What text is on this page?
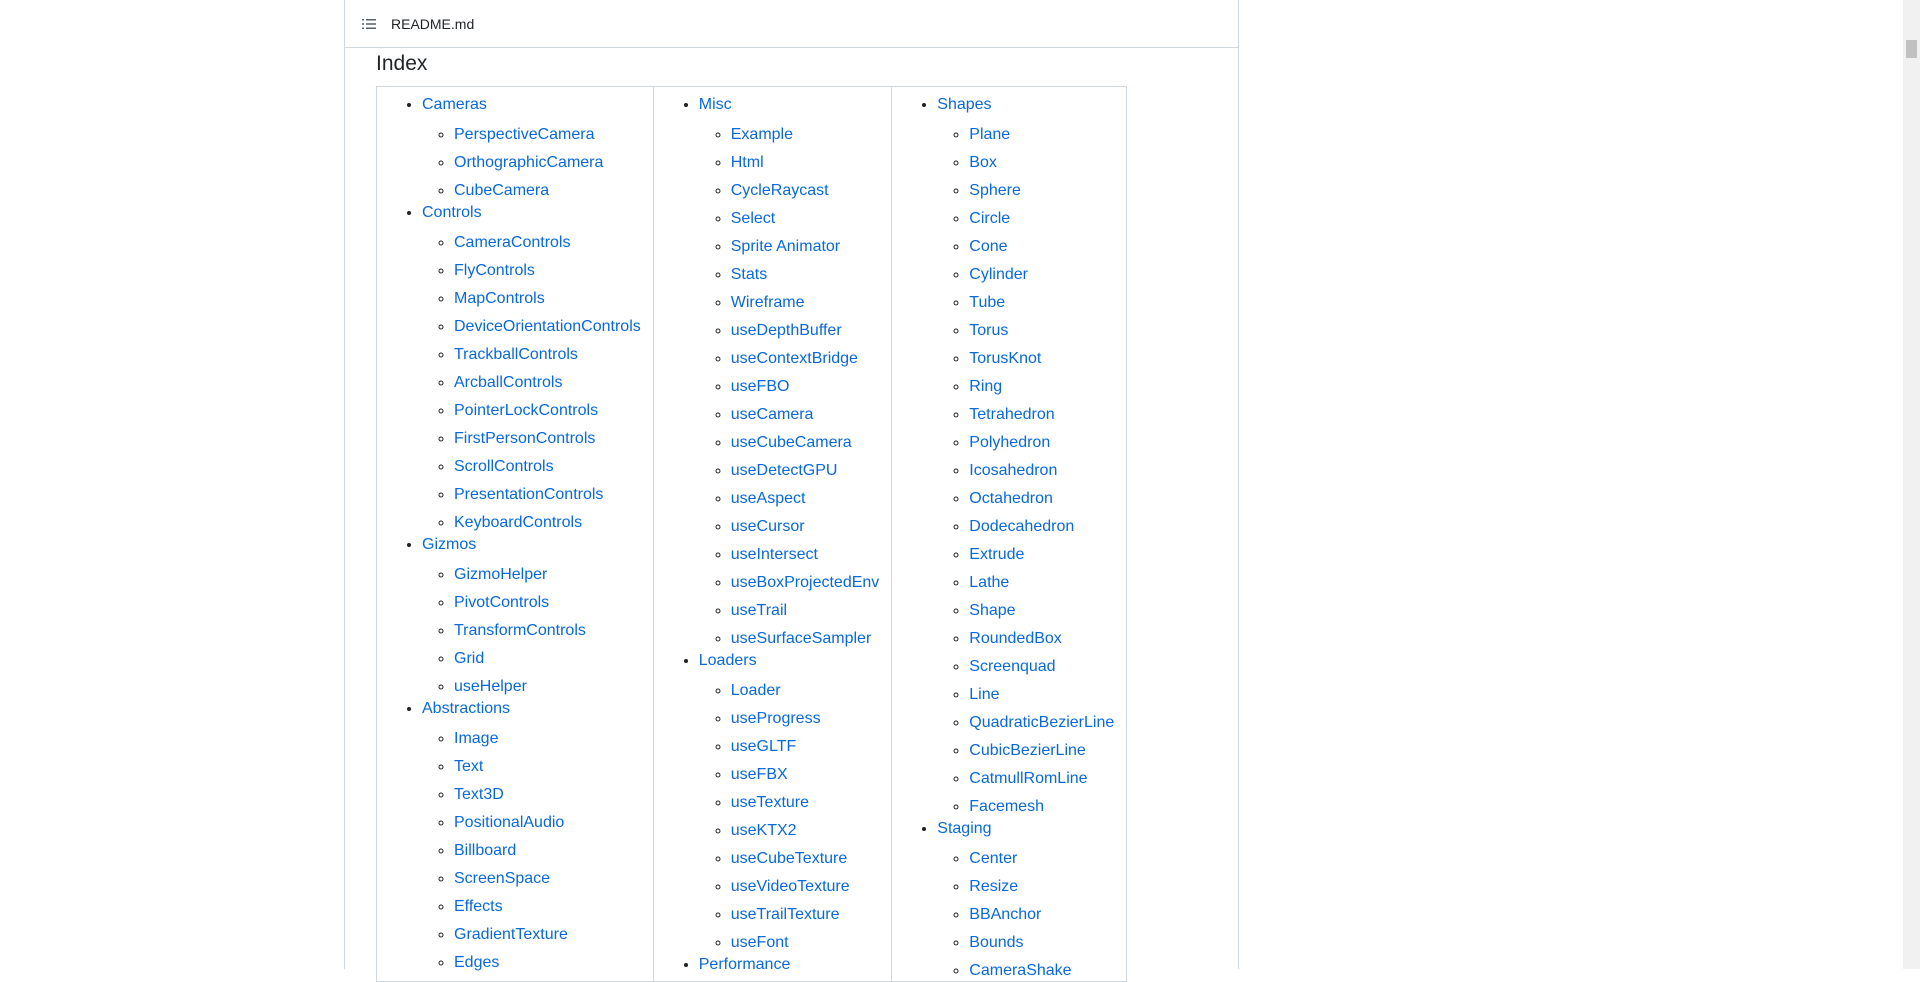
README.md
Index
• Cameras
◦ PerspectiveCamera
◦ OrthographicCamera
◦ CubeCamera
• Controls
◦ CameraControls
◦ FlyControls
◦ MapControls
◦ DeviceOrientationControls
◦ TrackballControls
◦ ArcballControls
◦ PointerLockControls
◦ FirstPersonControls
◦ ScrollControls
◦ PresentationControls
◦ KeyboardControls
• Gizmos
◦ GizmoHelper
◦ PivotControls
◦ TransformControls
◦ Grid
◦ useHelper
• Abstractions
◦ Image
◦ Text
◦ Text3D
◦ PositionalAudio
◦ Billboard
◦ ScreenSpace
◦ Effects
◦ GradientTexture
◦ Edges

• Misc
◦ Example
◦ Html
◦ CycleRaycast
◦ Select
◦ Sprite Animator
◦ Stats
◦ Wireframe
◦ useDepthBuffer
◦ useContextBridge
◦ useFBO
◦ useCamera
◦ useCubeCamera
◦ useDetectGPU
◦ useAspect
◦ useCursor
◦ useIntersect
◦ useBoxProjectedEnv
◦ useTrail
◦ useSurfaceSampler
• Loaders
◦ Loader
◦ useProgress
◦ useGLTF
◦ useFBX
◦ useTexture
◦ useKTX2
◦ useCubeTexture
◦ useVideoTexture
◦ useTrailTexture
◦ useFont
• Performance

• Shapes
◦ Plane
◦ Box
◦ Sphere
◦ Circle
◦ Cone
◦ Cylinder
◦ Tube
◦ Torus
◦ TorusKnot
◦ Ring
◦ Tetrahedron
◦ Polyhedron
◦ Icosahedron
◦ Octahedron
◦ Dodecahedron
◦ Extrude
◦ Lathe
◦ Shape
◦ RoundedBox
◦ Screenquad
◦ Line
◦ QuadraticBezierLine
◦ CubicBezierLine
◦ CatmullRomLine
◦ Facemesh
• Staging
◦ Center
◦ Resize
◦ BBAnchor
◦ Bounds
◦ CameraShake
